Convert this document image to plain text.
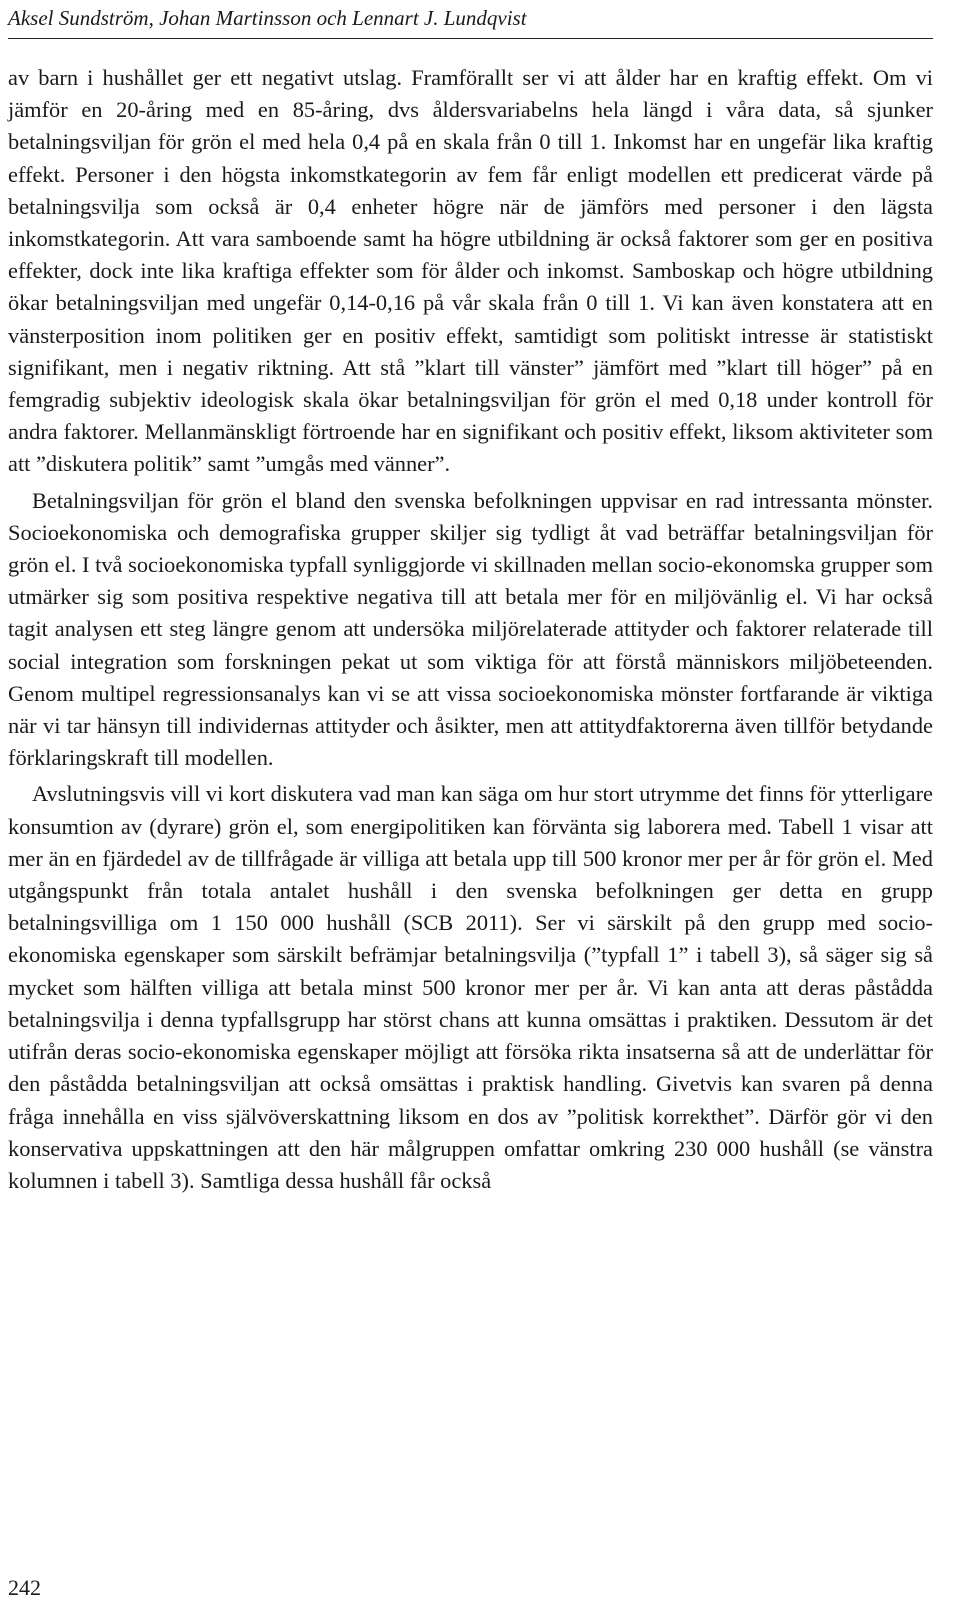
Aksel Sundström, Johan Martinsson och Lennart J. Lundqvist

av barn i hushållet ger ett negativt utslag. Framförallt ser vi att ålder har en kraftig effekt. Om vi jämför en 20-åring med en 85-åring, dvs åldersvariabelns hela längd i våra data, så sjunker betalningsviljan för grön el med hela 0,4 på en skala från 0 till 1. Inkomst har en ungefär lika kraftig effekt. Personer i den högsta inkomstkategorin av fem får enligt modellen ett predicerat värde på betalningsvilja som också är 0,4 enheter högre när de jämförs med personer i den lägsta inkomstkategorin. Att vara samboende samt ha högre utbildning är också faktorer som ger en positiva effekter, dock inte lika kraftiga effekter som för ålder och inkomst. Samboskap och högre utbildning ökar betalningsviljan med ungefär 0,14-0,16 på vår skala från 0 till 1. Vi kan även konstatera att en vänsterposition inom politiken ger en positiv effekt, samtidigt som politiskt intresse är statistiskt signifikant, men i negativ riktning. Att stå ”klart till vänster” jämfört med ”klart till höger” på en femgradig subjektiv ideologisk skala ökar betalningsviljan för grön el med 0,18 under kontroll för andra faktorer. Mellanmänskligt förtroende har en signifikant och positiv effekt, liksom aktiviteter som att ”diskutera politik” samt ”umgås med vänner”.

Betalningsviljan för grön el bland den svenska befolkningen uppvisar en rad intressanta mönster. Socioekonomiska och demografiska grupper skiljer sig tydligt åt vad beträffar betalningsviljan för grön el. I två socioekonomiska typfall synliggjorde vi skillnaden mellan socio-ekonomska grupper som utmärker sig som positiva respektive negativa till att betala mer för en miljövänlig el. Vi har också tagit analysen ett steg längre genom att undersöka miljörelaterade attityder och faktorer relaterade till social integration som forskningen pekat ut som viktiga för att förstå människors miljöbeteenden. Genom multipel regressionsanalys kan vi se att vissa socioekonomiska mönster fortfarande är viktiga när vi tar hänsyn till individernas attityder och åsikter, men att attitydfaktorerna även tillför betydande förklaringskraft till modellen.

Avslutningsvis vill vi kort diskutera vad man kan säga om hur stort utrymme det finns för ytterligare konsumtion av (dyrare) grön el, som energipolitiken kan förvänta sig laborera med. Tabell 1 visar att mer än en fjärdedel av de tillfrågade är villiga att betala upp till 500 kronor mer per år för grön el. Med utgångspunkt från totala antalet hushåll i den svenska befolkningen ger detta en grupp betalningsvilliga om 1 150 000 hushåll (SCB 2011). Ser vi särskilt på den grupp med socio-ekonomiska egenskaper som särskilt befrämjar betalningsvilja (”typfall 1” i tabell 3), så säger sig så mycket som hälften villiga att betala minst 500 kronor mer per år. Vi kan anta att deras påstådda betalningsvilja i denna typfallsgrupp har störst chans att kunna omsättas i praktiken. Dessutom är det utifrån deras socio-ekonomiska egenskaper möjligt att försöka rikta insatserna så att de underlättar för den påstådda betalningsviljan att också omsättas i praktisk handling. Givetvis kan svaren på denna fråga innehålla en viss självöverskattning liksom en dos av ”politisk korrekthet”. Därför gör vi den konservativa uppskattningen att den här målgruppen omfattar omkring 230 000 hushåll (se vänstra kolumnen i tabell 3). Samtliga dessa hushåll får också

242
